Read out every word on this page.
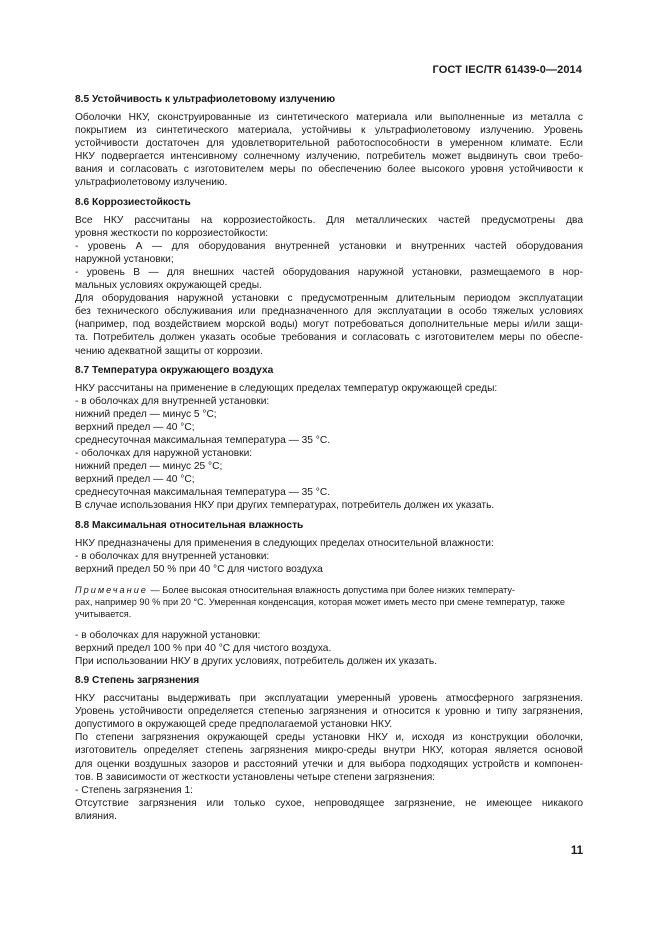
ГОСТ IEC/TR 61439-0—2014
8.5 Устойчивость к ультрафиолетовому излучению

Оболочки НКУ, сконструированные из синтетического материала или выполненные из металла с

покрытием из синтетического материала, устойчивы к ультрафиолетовому излучению. Уровень

устойчивости достаточен для удовлетворительной работоспособности в умеренном климате. Если

НКУ подвергается интенсивному солнечному излучению, потребитель может выдвинуть свои требо-

вания и согласовать с изготовителем меры по обеспечению более высокого уровня устойчивости к

ультрафиолетовому излучению.

8.6 Коррозиестойкость

Все НКУ рассчитаны на коррозиестойкость. Для металлических частей предусмотрены два

уровня жесткости по коррозиестойкости:

- уровень А — для оборудования внутренней установки и внутренних частей оборудования

наружной установки;

- уровень В — для внешних частей оборудования наружной установки, размещаемого в нор-

мальных условиях окружающей среды.

Для оборудования наружной установки с предусмотренным длительным периодом эксплуатации

без технического обслуживания или предназначенного для эксплуатации в особо тяжелых условиях

(например, под воздействием морской воды) могут потребоваться дополнительные меры и/или защи-

та. Потребитель должен указать особые требования и согласовать с изготовителем меры по обеспе-

чению адекватной защиты от коррозии.

8.7 Температура окружающего воздуха

НКУ рассчитаны на применение в следующих пределах температур окружающей среды:

- в оболочках для внутренней установки:

нижний предел — минус 5 °С;

верхний предел — 40 °С;

среднесуточная максимальная температура — 35 °С.

- оболочках для наружной установки:

нижний предел — минус 25 °С;

верхний предел — 40 °С;

среднесуточная максимальная температура — 35 °С.

В случае использования НКУ при других температурах, потребитель должен их указать.

8.8 Максимальная относительная влажность

НКУ предназначены для применения в следующих пределах относительной влажности:

- в оболочках для внутренней установки:

верхний предел 50 % при 40 °С для чистого воздуха

Примечание — Более высокая относительная влажность допустима при более низких температу-
рах, например 90 % при 20 °С. Умеренная конденсация, которая может иметь место при смене температур, также
учитывается.

- в оболочках для наружной установки:

верхний предел 100 % при 40 °С для чистого воздуха.

При использовании НКУ в других условиях, потребитель должен их указать.

8.9 Степень загрязнения

НКУ рассчитаны выдерживать при эксплуатации умеренный уровень атмосферного загрязнения.

Уровень устойчивости определяется степенью загрязнения и относится к уровню и типу загрязнения,

допустимого в окружающей среде предполагаемой установки НКУ.

По степени загрязнения окружающей среды установки НКУ и, исходя из конструкции оболочки,

изготовитель определяет степень загрязнения микро-среды внутри НКУ, которая является основой

для оценки воздушных зазоров и расстояний утечки и для выбора подходящих устройств и компонен-

тов. В зависимости от жесткости установлены четыре степени загрязнения:

- Степень загрязнения 1:

Отсутствие загрязнения или только сухое, непроводящее загрязнение, не имеющее никакого

влияния.

11
